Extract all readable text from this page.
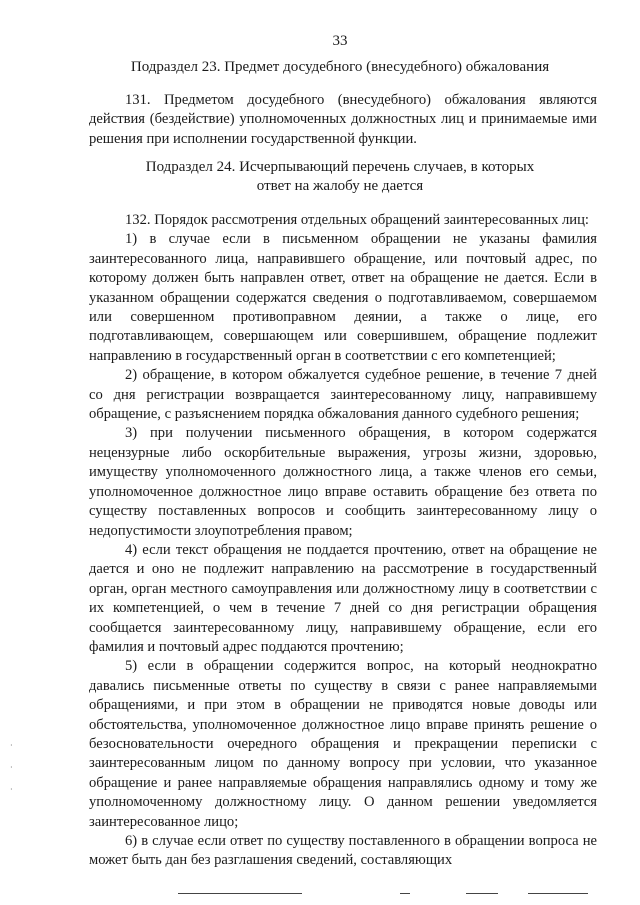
33
Подраздел 23. Предмет досудебного (внесудебного) обжалования

131. Предметом досудебного (внесудебного) обжалования являются действия (бездействие) уполномоченных должностных лиц и принимаемые ими решения при исполнении государственной функции.

Подраздел 24. Исчерпывающий перечень случаев, в которых
ответ на жалобу не дается

132. Порядок рассмотрения отдельных обращений заинтересованных лиц:

1) в случае если в письменном обращении не указаны фамилия заинтересованного лица, направившего обращение, или почтовый адрес, по которому должен быть направлен ответ, ответ на обращение не дается. Если в указанном обращении содержатся сведения о подготавливаемом, совершаемом или совершенном противоправном деянии, а также о лице, его подготавливающем, совершающем или совершившем, обращение подлежит направлению в государственный орган в соответствии с его компетенцией;

2) обращение, в котором обжалуется судебное решение, в течение 7 дней со дня регистрации возвращается заинтересованному лицу, направившему обращение, с разъяснением порядка обжалования данного судебного решения;

3) при получении письменного обращения, в котором содержатся нецензурные либо оскорбительные выражения, угрозы жизни, здоровью, имуществу уполномоченного должностного лица, а также членов его семьи, уполномоченное должностное лицо вправе оставить обращение без ответа по существу поставленных вопросов и сообщить заинтересованному лицу о недопустимости злоупотребления правом;

4) если текст обращения не поддается прочтению, ответ на обращение не дается и оно не подлежит направлению на рассмотрение в государственный орган, орган местного самоуправления или должностному лицу в соответствии с их компетенцией, о чем в течение 7 дней со дня регистрации обращения сообщается заинтересованному лицу, направившему обращение, если его фамилия и почтовый адрес поддаются прочтению;

5) если в обращении содержится вопрос, на который неоднократно давались письменные ответы по существу в связи с ранее направляемыми обращениями, и при этом в обращении не приводятся новые доводы или обстоятельства, уполномоченное должностное лицо вправе принять решение о безосновательности очередного обращения и прекращении переписки с заинтересованным лицом по данному вопросу при условии, что указанное обращение и ранее направляемые обращения направлялись одному и тому же уполномоченному должностному лицу. О данном решении уведомляется заинтересованное лицо;

6) в случае если ответ по существу поставленного в обращении вопроса не может быть дан без разглашения сведений, составляющих

·
·
·
